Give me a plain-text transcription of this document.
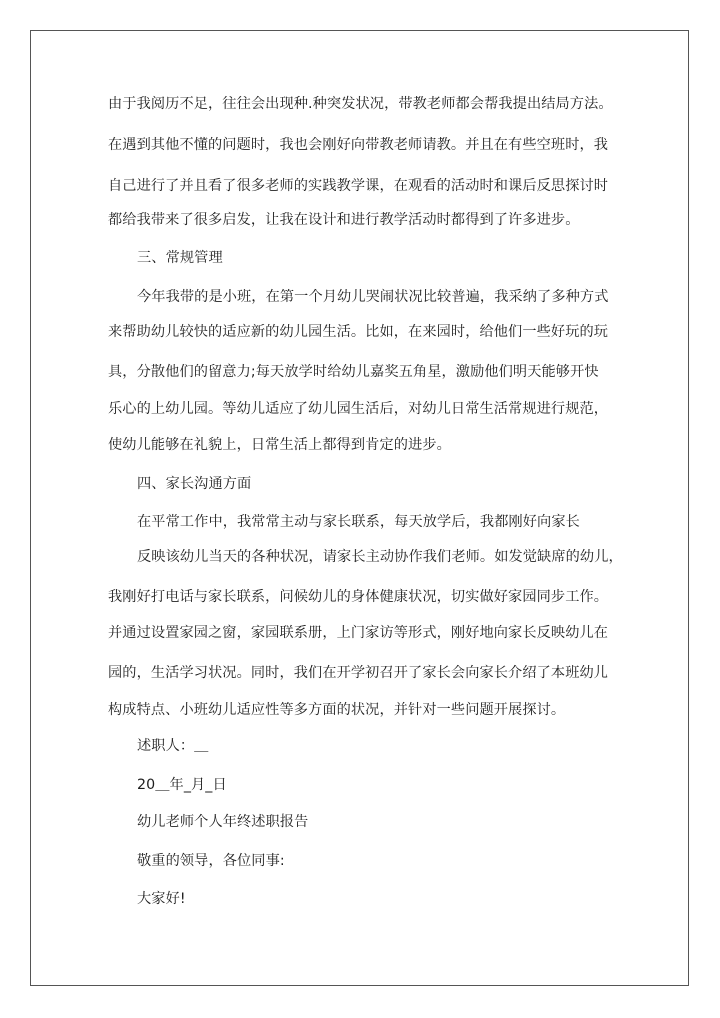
由于我阅历不足，往往会出现种.种突发状况，带教老师都会帮我提出结局方法。

在遇到其他不懂的问题时，我也会刚好向带教老师请教。并且在有些空班时，我

自己进行了并且看了很多老师的实践教学课，在观看的活动时和课后反思探讨时

都给我带来了很多启发，让我在设计和进行教学活动时都得到了许多进步。

三、常规管理

今年我带的是小班，在第一个月幼儿哭闹状况比较普遍，我采纳了多种方式

来帮助幼儿较快的适应新的幼儿园生活。比如，在来园时，给他们一些好玩的玩

具，分散他们的留意力;每天放学时给幼儿嘉奖五角星，激励他们明天能够开快

乐心的上幼儿园。等幼儿适应了幼儿园生活后，对幼儿日常生活常规进行规范，

使幼儿能够在礼貌上，日常生活上都得到肯定的进步。

四、家长沟通方面

在平常工作中，我常常主动与家长联系，每天放学后，我都刚好向家长

反映该幼儿当天的各种状况，请家长主动协作我们老师。如发觉缺席的幼儿，

我刚好打电话与家长联系，问候幼儿的身体健康状况，切实做好家园同步工作。

并通过设置家园之窗，家园联系册，上门家访等形式，刚好地向家长反映幼儿在

园的，生活学习状况。同时，我们在开学初召开了家长会向家长介绍了本班幼儿

构成特点、小班幼儿适应性等多方面的状况，并针对一些问题开展探讨。

述职人：＿

20＿年_月_日

幼儿老师个人年终述职报告

敬重的领导，各位同事:

大家好!
